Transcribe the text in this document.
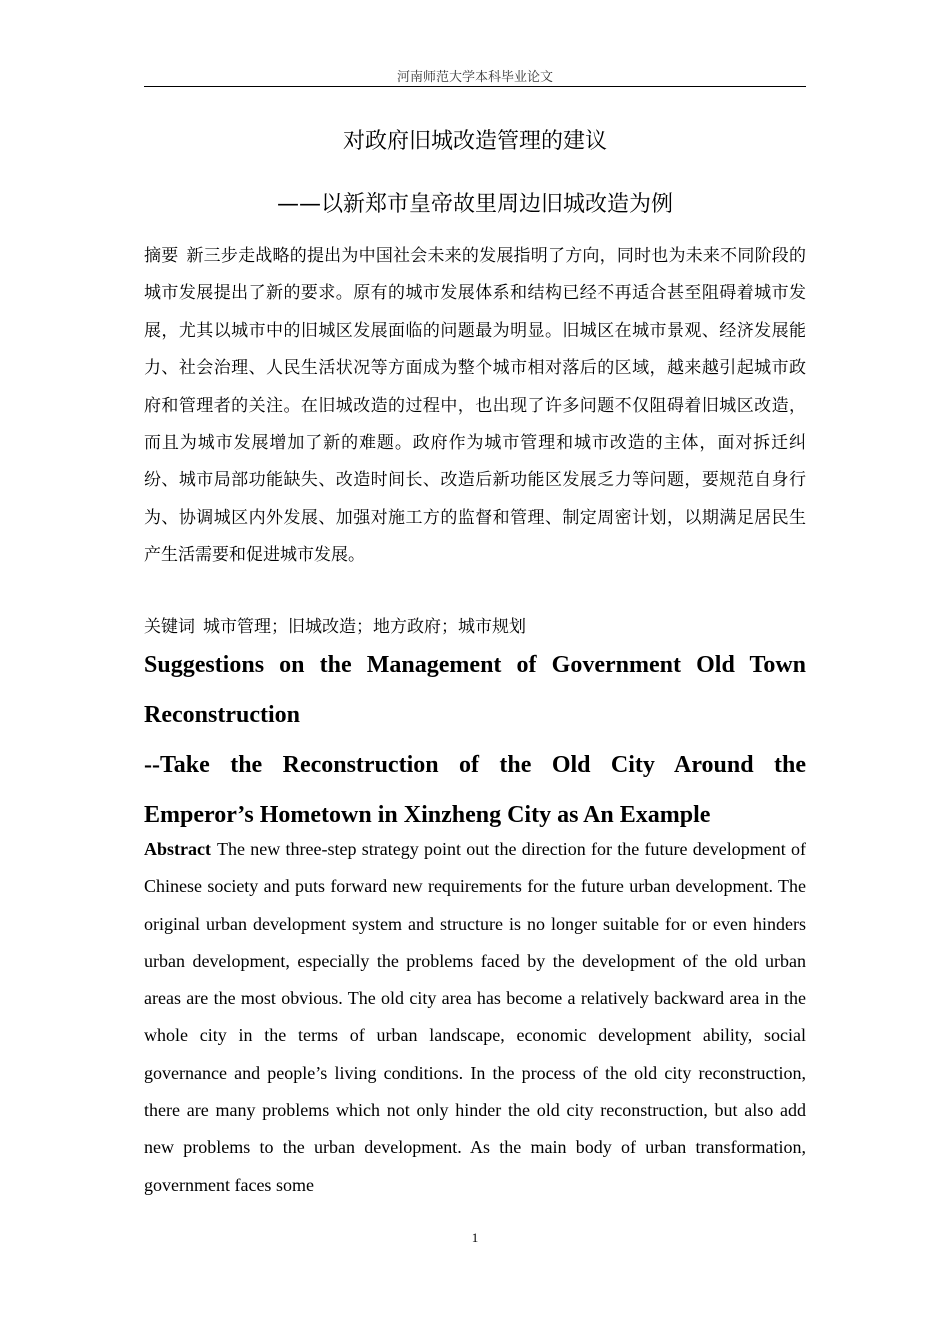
河南师范大学本科毕业论文
对政府旧城改造管理的建议
——以新郑市皇帝故里周边旧城改造为例

摘要 新三步走战略的提出为中国社会未来的发展指明了方向，同时也为未来不同阶段的城市发展提出了新的要求。原有的城市发展体系和结构已经不再适合甚至阻碍着城市发展，尤其以城市中的旧城区发展面临的问题最为明显。旧城区在城市景观、经济发展能力、社会治理、人民生活状况等方面成为整个城市相对落后的区域，越来越引起城市政府和管理者的关注。在旧城改造的过程中，也出现了许多问题不仅阻碍着旧城区改造，而且为城市发展增加了新的难题。政府作为城市管理和城市改造的主体，面对拆迁纠纷、城市局部功能缺失、改造时间长、改造后新功能区发展乏力等问题，要规范自身行为、协调城区内外发展、加强对施工方的监督和管理、制定周密计划，以期满足居民生产生活需要和促进城市发展。

关键词 城市管理；旧城改造；地方政府；城市规划

Suggestions on the Management of Government Old Town Reconstruction

--Take the Reconstruction of the Old City Around the Emperor’s Hometown in Xinzheng City as An Example

Abstract The new three-step strategy point out the direction for the future development of Chinese society and puts forward new requirements for the future urban development. The original urban development system and structure is no longer suitable for or even hinders urban development, especially the problems faced by the development of the old urban areas are the most obvious. The old city area has become a relatively backward area in the whole city in the terms of urban landscape, economic development ability, social governance and people’s living conditions. In the process of the old city reconstruction, there are many problems which not only hinder the old city reconstruction, but also add new problems to the urban development. As the main body of urban transformation, government faces some

1
